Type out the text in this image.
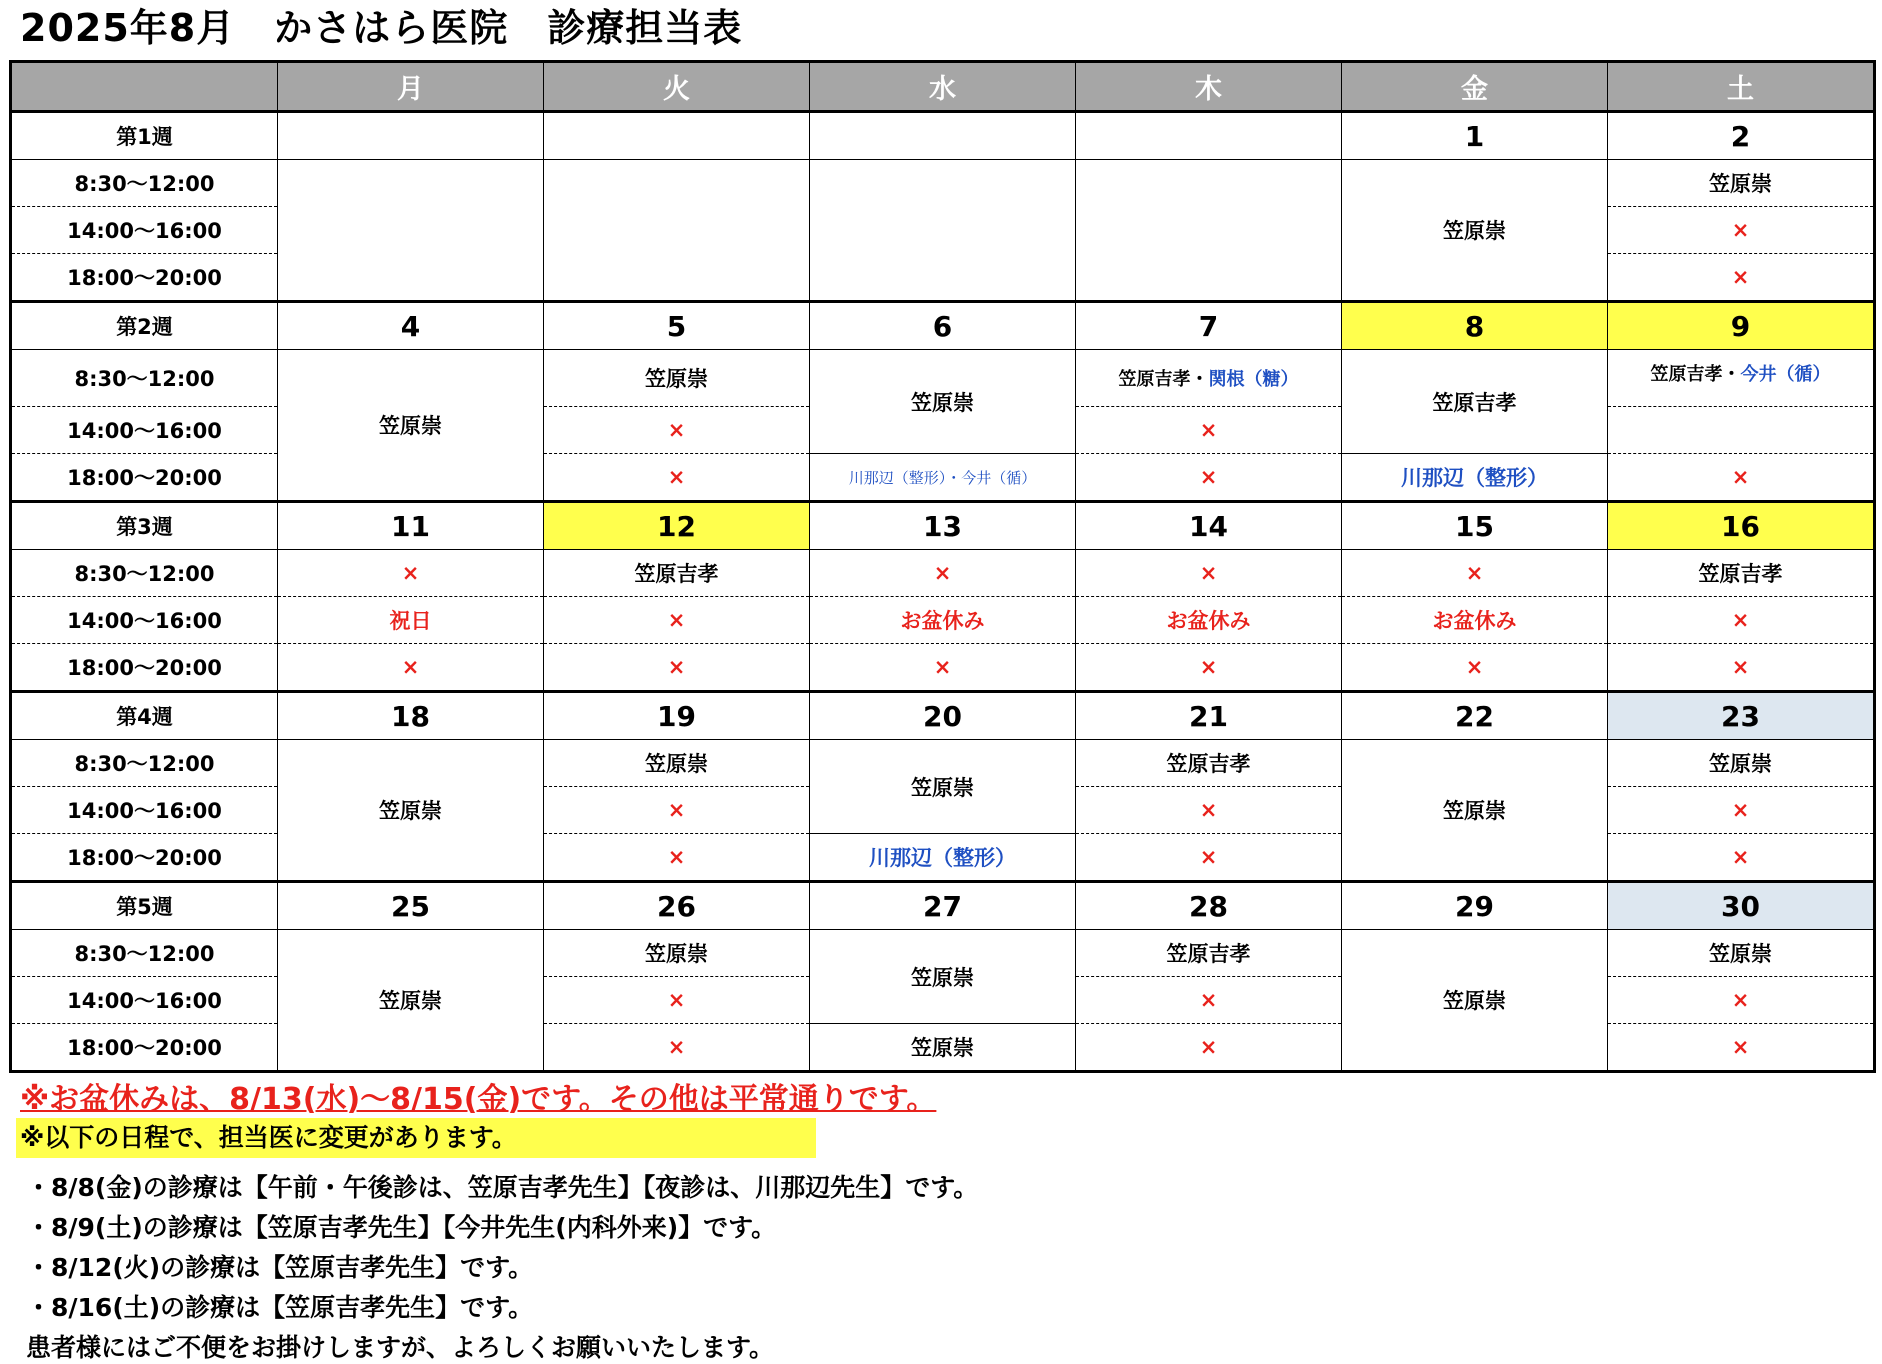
2025年8月　かさはら医院　診療担当表
	月	火	水	木	金	土
第1週					1	2
8:30～12:00					笠原崇	笠原崇
14:00～16:00						×
18:00～20:00						×
第2週	4	5	6	7	8	9
8:30～12:00	笠原崇	笠原崇	笠原崇	笠原吉孝・関根（糖）	笠原吉孝	笠原吉孝・今井（循）
14:00～16:00		×		×		
18:00～20:00		×	川那辺（整形）・今井（循）	×	川那辺（整形）	×
第3週	11	12	13	14	15	16
8:30～12:00	×	笠原吉孝	×	×	×	笠原吉孝
14:00～16:00	祝日	×	お盆休み	お盆休み	お盆休み	×
18:00～20:00	×	×	×	×	×	×
第4週	18	19	20	21	22	23
8:30～12:00	笠原崇	笠原崇	笠原崇	笠原吉孝	笠原崇	笠原崇
14:00～16:00		×		×		×
18:00～20:00		×	川那辺（整形）	×		×
第5週	25	26	27	28	29	30
8:30～12:00	笠原崇	笠原崇	笠原崇	笠原吉孝	笠原崇	笠原崇
14:00～16:00		×		×		×
18:00～20:00		×	笠原崇	×		×
※お盆休みは、8/13(水)～8/15(金)です。その他は平常通りです。
※以下の日程で、担当医に変更があります。
・8/8(金)の診療は【午前・午後診は、笠原吉孝先生】【夜診は、川那辺先生】です。
・8/9(土)の診療は【笠原吉孝先生】【今井先生(内科外来)】です。
・8/12(火)の診療は【笠原吉孝先生】です。
・8/16(土)の診療は【笠原吉孝先生】です。
患者様にはご不便をお掛けしますが、よろしくお願いいたします。
